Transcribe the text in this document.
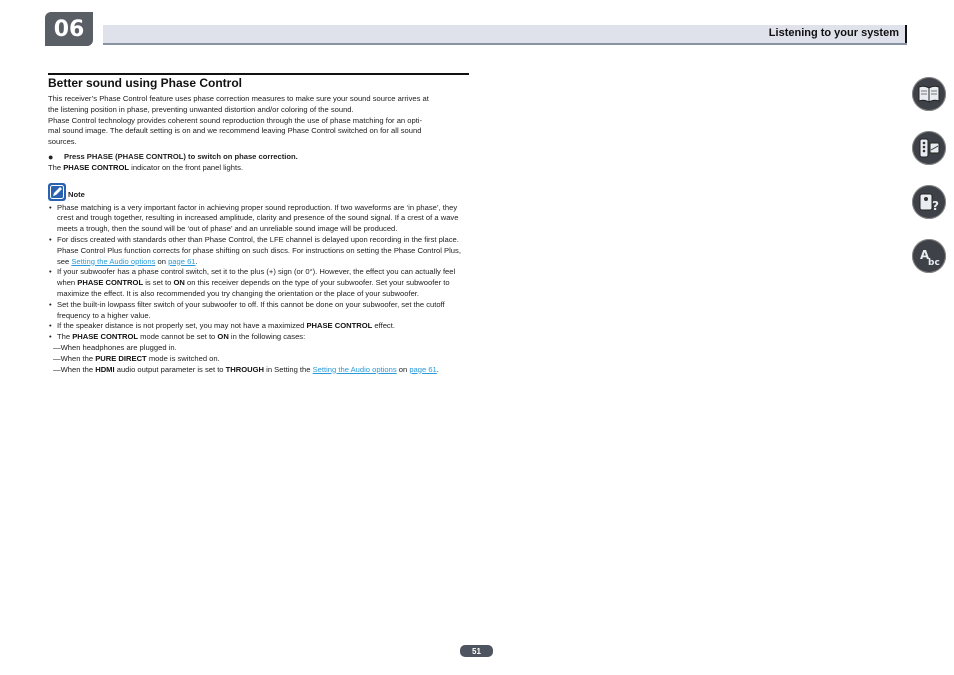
06	Listening to your system
Better sound using Phase Control

This receiver’s Phase Control feature uses phase correction measures to make sure your sound source arrives at
the listening position in phase, preventing unwanted distortion and/or coloring of the sound.
Phase Control technology provides coherent sound reproduction through the use of phase matching for an opti-
mal sound image. The default setting is on and we recommend leaving Phase Control switched on for all sound
sources.

●	Press PHASE (PHASE CONTROL) to switch on phase correction.

The PHASE CONTROL indicator on the front panel lights.

Note
• Phase matching is a very important factor in achieving proper sound reproduction. If two waveforms are ‘in phase’, they crest and trough together, resulting in increased amplitude, clarity and presence of the sound signal. If a crest of a wave meets a trough, then the sound will be ‘out of phase’ and an unreliable sound image will be produced.
• For discs created with standards other than Phase Control, the LFE channel is delayed upon recording in the first place. Phase Control Plus function corrects for phase shifting on such discs. For instructions on setting the Phase Control Plus, see Setting the Audio options on page 61.
• If your subwoofer has a phase control switch, set it to the plus (+) sign (or 0°). However, the effect you can actually feel when PHASE CONTROL is set to ON on this receiver depends on the type of your subwoofer. Set your subwoofer to maximize the effect. It is also recommended you try changing the orientation or the place of your subwoofer.
• Set the built-in lowpass filter switch of your subwoofer to off. If this cannot be done on your subwoofer, set the cutoff frequency to a higher value.
• If the speaker distance is not properly set, you may not have a maximized PHASE CONTROL effect.
• The PHASE CONTROL mode cannot be set to ON in the following cases:
—When headphones are plugged in.
—When the PURE DIRECT mode is switched on.
—When the HDMI audio output parameter is set to THROUGH in Setting the Setting the Audio options on page 61.
?
A
bc
51
